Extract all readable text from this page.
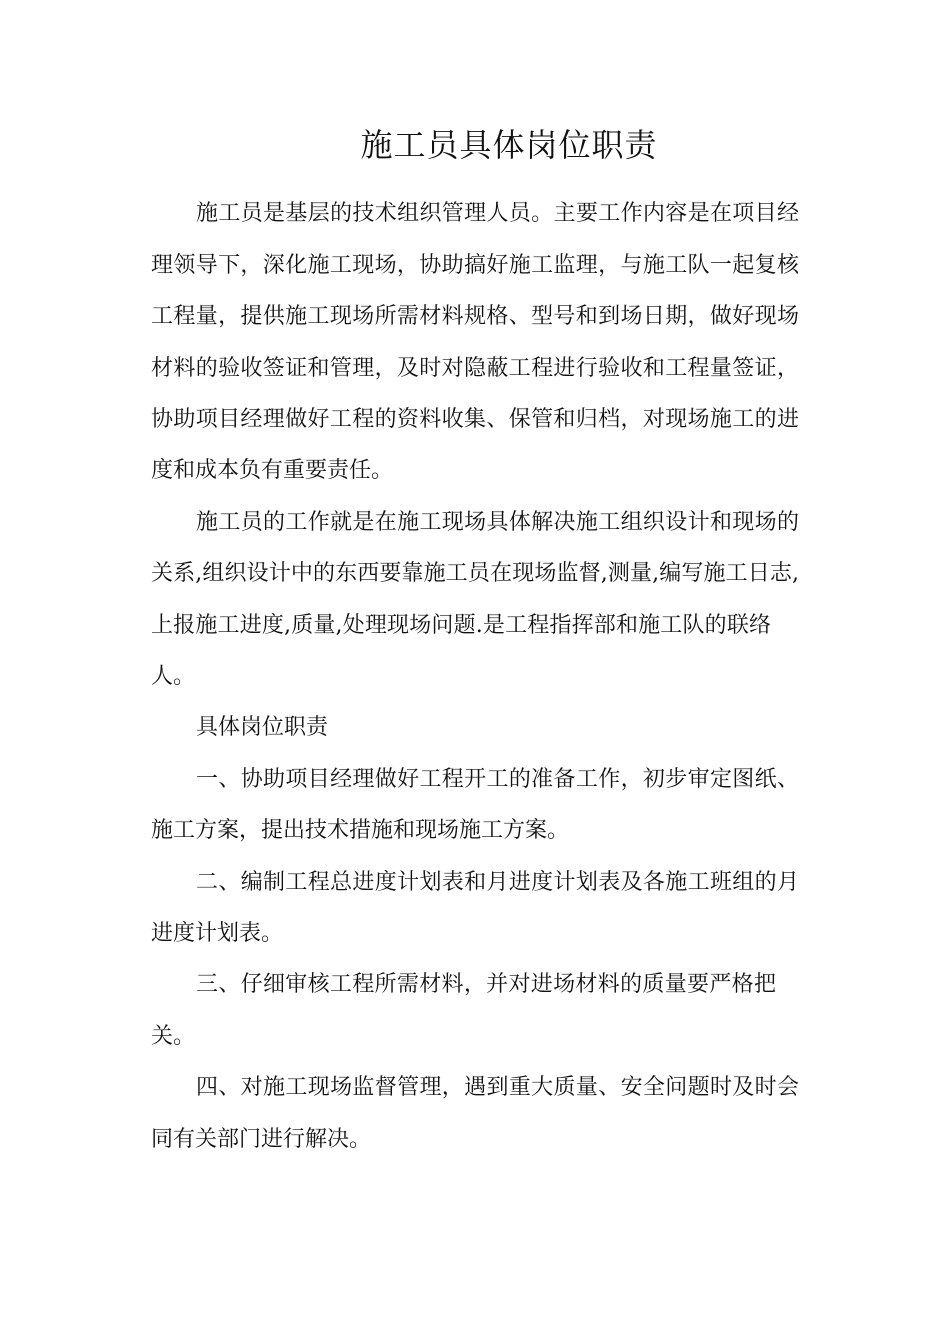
施工员具体岗位职责
施工员是基层的技术组织管理人员。主要工作内容是在项目经
理领导下，深化施工现场，协助搞好施工监理，与施工队一起复核
工程量，提供施工现场所需材料规格、型号和到场日期，做好现场
材料的验收签证和管理，及时对隐蔽工程进行验收和工程量签证，
协助项目经理做好工程的资料收集、保管和归档，对现场施工的进
度和成本负有重要责任。
施工员的工作就是在施工现场具体解决施工组织设计和现场的
关系,组织设计中的东西要靠施工员在现场监督,测量,编写施工日志,
上报施工进度,质量,处理现场问题.是工程指挥部和施工队的联络
人。
具体岗位职责
一、协助项目经理做好工程开工的准备工作，初步审定图纸、
施工方案，提出技术措施和现场施工方案。
二、编制工程总进度计划表和月进度计划表及各施工班组的月
进度计划表。
三、仔细审核工程所需材料，并对进场材料的质量要严格把
关。
四、对施工现场监督管理，遇到重大质量、安全问题时及时会
同有关部门进行解决。
